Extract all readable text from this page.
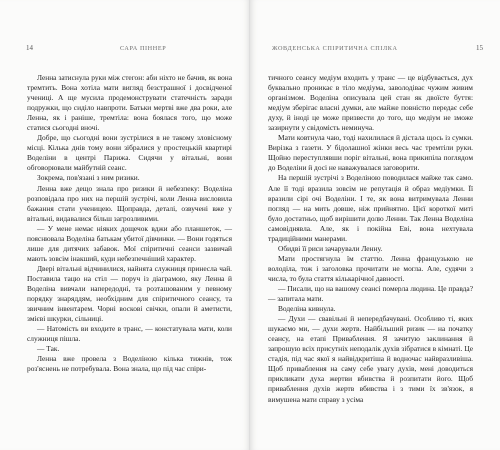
14	САРА ПІННЕР

Ленна затиснула руки між стегон: аби ніхто не бачив, як вона тремтить. Вона хотіла мати вигляд безстрашної і досвідченої учениці. А ще мусила продемонструвати статечність заради подружки, що сиділо навпроти. Батьки мертві вже два роки, але Ленна, як і раніше, тремтіла: вона боялася того, що може статися сьогодні вночі.

Добре, що сьогодні вони зустрілися в не такому зловісному місці. Кілька днів тому вони зібралися у простецькій квартирі Воделіни в центрі Парижа. Сидячи у вітальні, вони обговорювали майбутній сеанс.

Зокрема, пов'язані з ним ризики.

Ленна вже дещо знала про ризики й небезпеку: Воделіна розповідала про них на першій зустрічі, коли Ленна висловила бажання стати ученицею. Щоправда, деталі, озвучені вже у вітальні, видавалися більш загрозливими.

— У мене немає ніяких дощечок вджи або планшеток, — пояснювала Воделіна батькам убитої дівчинки. — Вони годяться лише для дитячих забавок. Мої спіритичні сеанси зазвичай мають зовсім інакший, куди небезпечніший характер.

Двері вітальні відчинилися, найнята служниця принесла чай. Поставила тацю на стіл — поруч із діаграмою, яку Ленна й Воделіна вивчали напередодні, та розташованим у певному порядку знаряддям, необхідним для спіритичного сеансу, та звичним інвентарем. Чорні воскові свічки, опали й аметисти, змієві шкурки, сільниці.

— Натомість ви входите в транс, — констатувала мати, коли служниця пішла.

— Так.

Ленна вже провела з Воделіною кілька тижнів, тож роз'яснень не потребувала. Вона знала, що під час спіри-

ЖОВДЕНСЬКА СПІРИТИЧНА СПІЛКА	15

тичного сеансу медіум входить у транс — це відбувається, дух буквально проникає в тіло медіума, заволодіває чужим живим організмом. Воделіна описувала цей стан як двоїсте буття: медіум зберігає власні думки, але майже повністю передає себе духу, й іноді це може призвести до того, що медіум не зможе зазирнути у свідомість неминуча.

Мати ковтнула чаю, тоді нахилилася й дістала щось із сумки. Вирізка з газети. У бідолашної жінки весь час тремтіли руки. Щойно переступлявши поріг вітальні, вона прикипіла поглядом до Воделіни й досі не наважувалася заговорити.

На першій зустрічі з Воделіною поводилася майже так само. Але її тоді вразила зовсім не репутація й образ медіумки. Її вразили сірі очі Воделіни. І те, як вона витримувала Ленни погляд — на мить довше, ніж прийнятно. Цієї короткої миті було достатньо, щоб вирішити долю Ленни. Так Ленна Воделіна самовіднявла. Але, як і покійна Еві, вона нехтувала традиційними манерами.

Обидві її риси зачарували Ленну.

Мати простягнула їм статтю. Ленна французькою не володіла, тож і заголовка прочитати не могла. Але, судячи з числа, то була стаття кількарічної давності.

— Писали, що на вашому сеансі померла людина. Це правда? — запитала мати.

Воделіна кивнула.

— Духи — свавільні й непередбачувані. Особливо ті, яких шукаємо ми, — духи жертв. Найбільший ризик — на початку сеансу, на етапі Приваблення. Я зачитую заклинання й запрошую всіх присутніх неподалік духів зібратися в кімнаті. Це стадія, під час якої я найвідкритіша й водночас найвразливіша. Щоб приваблення на саму себе увагу духів, мені доводиться прикликати духа жертви вбивства й розпитати його. Щоб приваблення духів жертв вбивства і з тими їх зв'язок, я вимушена мати справу з усіма
